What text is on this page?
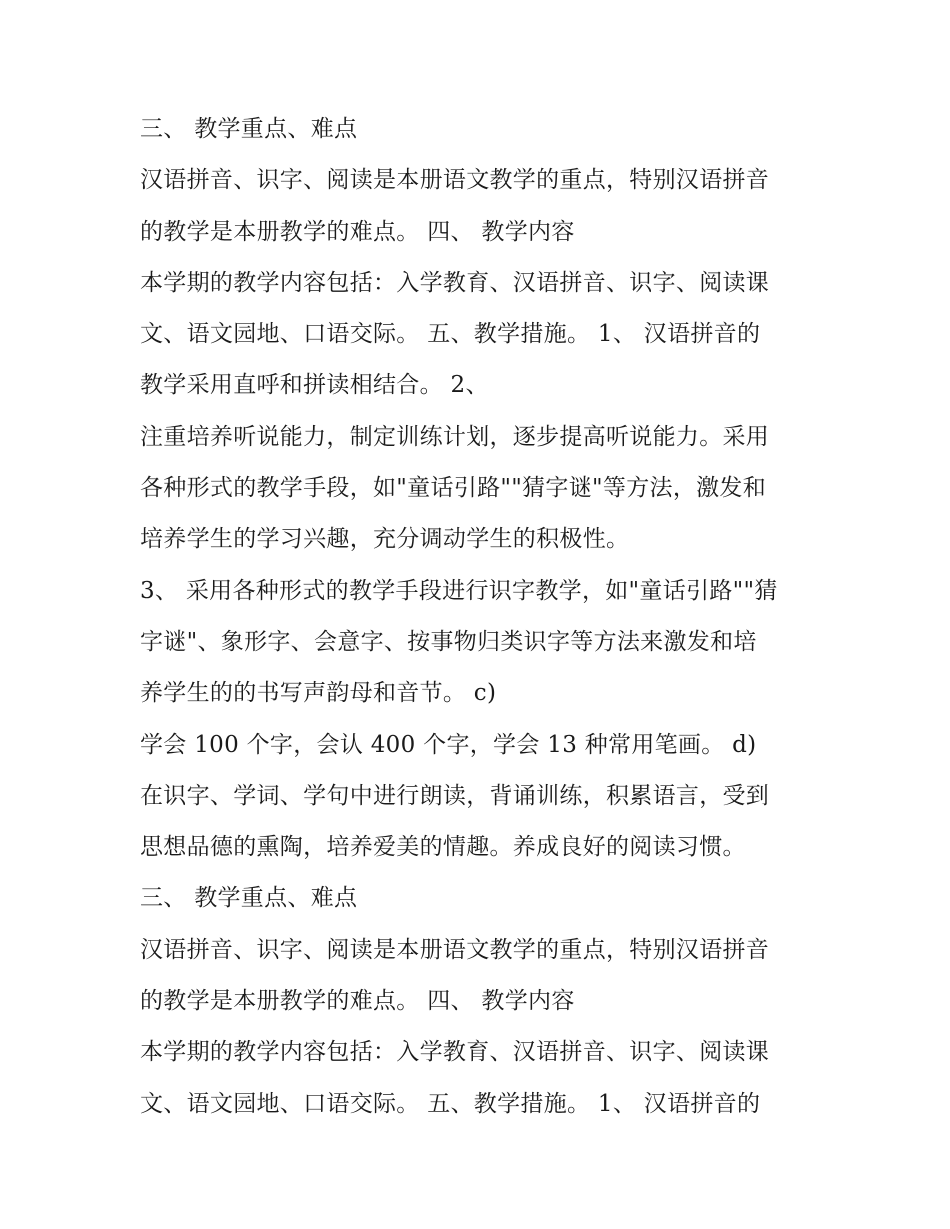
三、 教学重点、难点
汉语拼音、识字、阅读是本册语文教学的重点，特别汉语拼音
的教学是本册教学的难点。 四、 教学内容
本学期的教学内容包括：入学教育、汉语拼音、识字、阅读课
文、语文园地、口语交际。 五、教学措施。 1、 汉语拼音的
教学采用直呼和拼读相结合。 2、
注重培养听说能力，制定训练计划，逐步提高听说能力。采用
各种形式的教学手段，如"童话引路""猜字谜"等方法，激发和
培养学生的学习兴趣，充分调动学生的积极性。
3、 采用各种形式的教学手段进行识字教学，如"童话引路""猜
字谜"、象形字、会意字、按事物归类识字等方法来激发和培
养学生的的书写声韵母和音节。 c)
学会 100 个字，会认 400 个字，学会 13 种常用笔画。 d)
在识字、学词、学句中进行朗读，背诵训练，积累语言，受到
思想品德的熏陶，培养爱美的情趣。养成良好的阅读习惯。
三、 教学重点、难点
汉语拼音、识字、阅读是本册语文教学的重点，特别汉语拼音
的教学是本册教学的难点。 四、 教学内容
本学期的教学内容包括：入学教育、汉语拼音、识字、阅读课
文、语文园地、口语交际。 五、教学措施。 1、 汉语拼音的
